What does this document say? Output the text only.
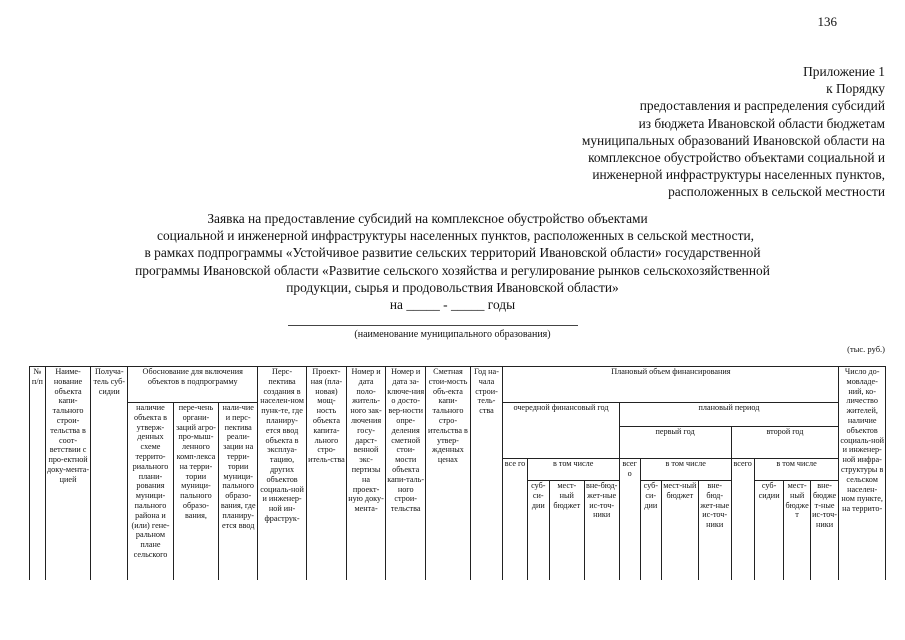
136
Приложение 1
к Порядку
предоставления и распределения субсидий
из бюджета Ивановской области бюджетам
муниципальных образований Ивановской области на
комплексное обустройство объектами социальной и
инженерной инфраструктуры населенных пунктов,
расположенных в сельской местности
Заявка на предоставление субсидий на комплексное обустройство объектами
социальной и инженерной инфраструктуры населенных пунктов, расположенных в сельской местности,
в рамках подпрограммы «Устойчивое развитие сельских территорий Ивановской области» государственной
программы Ивановской области «Развитие сельского хозяйства и регулирование рынков сельскохозяйственной
продукции, сырья и продовольствия Ивановской области»
на _____ - _____ годы
(наименование муниципального образования)
(тыс. руб.)
№ п/п	Наиме-нование объекта капи-тального строи-тельства в соот-ветствии с про-ектной доку-мента-цией	Получа-тель суб-сидии	Обоснование для включения объектов в подпрограмму			Перс-пектива создания в населен-ном пунк-те, где планиру-ется ввод объекта в эксплуа-тацию, других объектов социаль-ной и инженер-ной ин-фраструк-	Проект-ная (пла-новая) мощ-ность объекта капита-льного стро-итель-ства	Номер и дата поло-житель-ного зак-лючения госу-дарст-венной экс-пертизы на проект-ную доку-мента-	Номер и дата за-ключе-ния о досто-вер-ности опре-деления сметной стои-мости объекта капи-таль-ного строи-тельства	Сметная стои-мость объ-екта капи-тального стро-ительства в утвер-жденных ценах	Год на-чала строи-тель-ства	Плановый объем финансирования												Число до-мовладе-ний, ко-личество жителей, наличие объектов социаль-ной и инженер-ной инфра-структуры в сельском населен-ном пункте, на террито-
			наличие объекта в утверж-денных схеме террито-риального плани-рования муници-пального района и (или) гене-ральном плане сельского	пере-чень органи-заций агро-про-мыш-ленного комп-лекса на терри-тории муници-пального образо-вания,	нали-чие и перс-пектива реали-зации на терри-тории муници-пального образо-вания, где планиру-ется ввод							очередной финансовый год				плановый период								
																первый год				второй год				
												все го	в том числе			всего	в том числе			всего	в том числе			
													суб-си-дии	мест-ный бюджет	вне-бюд-жет-ные ис-точ-ники		суб-си-дии	мест-ный бюджет	вне-бюд-жет-ные ис-точ-ники		суб-сидии	мест-ный бюджет	вне-бюджет-ные ис-точ-ники	
